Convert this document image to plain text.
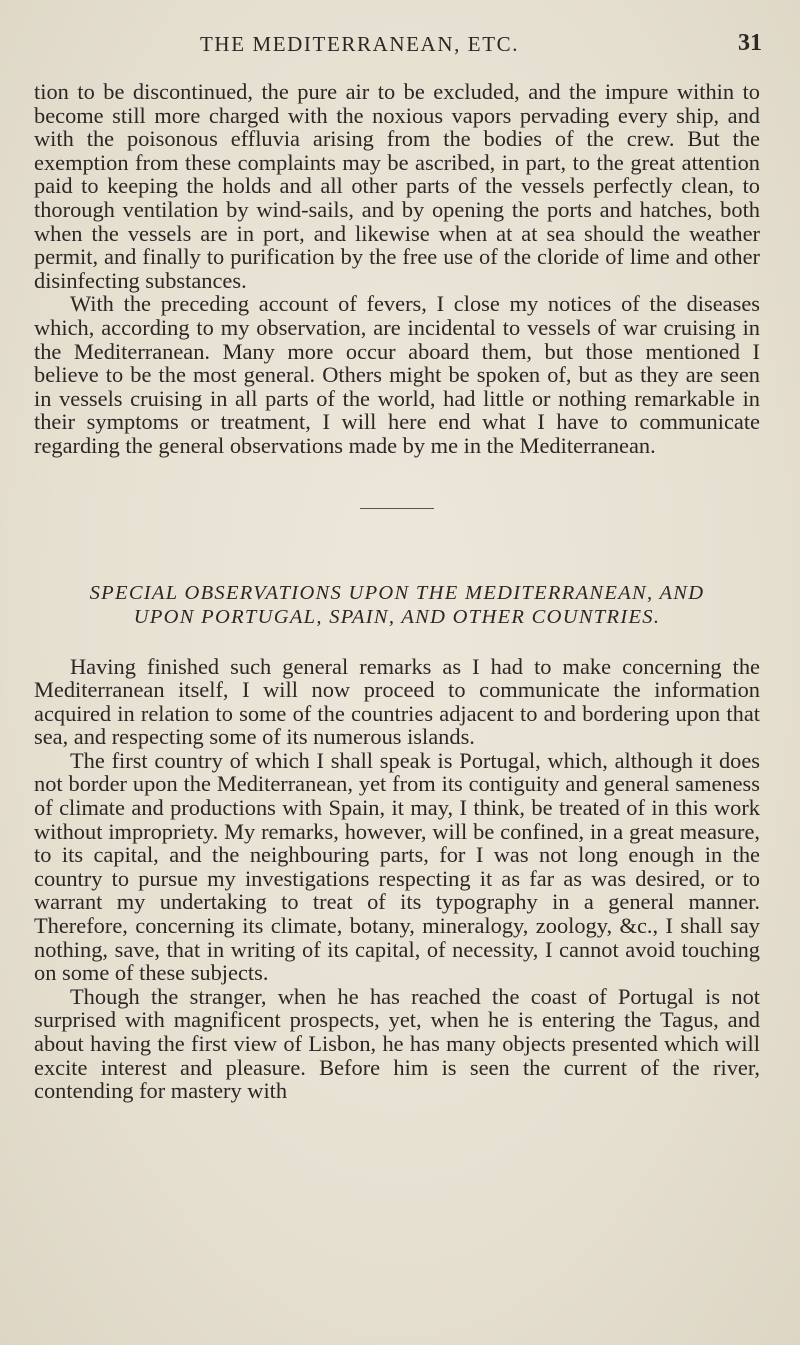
THE MEDITERRANEAN, ETC.	31

tion to be discontinued, the pure air to be excluded, and the impure within to become still more charged with the noxious vapors pervading every ship, and with the poisonous effluvia arising from the bodies of the crew. But the exemption from these complaints may be ascribed, in part, to the great attention paid to keeping the holds and all other parts of the vessels perfectly clean, to thorough ventilation by wind-sails, and by opening the ports and hatches, both when the vessels are in port, and likewise when at at sea should the weather permit, and finally to purification by the free use of the cloride of lime and other disinfecting substances.

With the preceding account of fevers, I close my notices of the diseases which, according to my observation, are incidental to vessels of war cruising in the Mediterranean. Many more occur aboard them, but those mentioned I believe to be the most general. Others might be spoken of, but as they are seen in vessels cruising in all parts of the world, had little or nothing remarkable in their symptoms or treatment, I will here end what I have to communicate regarding the general observations made by me in the Mediterranean.

SPECIAL OBSERVATIONS UPON THE MEDITERRANEAN, AND
UPON PORTUGAL, SPAIN, AND OTHER COUNTRIES.

Having finished such general remarks as I had to make concerning the Mediterranean itself, I will now proceed to communicate the information acquired in relation to some of the countries adjacent to and bordering upon that sea, and respecting some of its numerous islands.

The first country of which I shall speak is Portugal, which, although it does not border upon the Mediterranean, yet from its contiguity and general sameness of climate and productions with Spain, it may, I think, be treated of in this work without impropriety. My remarks, however, will be confined, in a great measure, to its capital, and the neighbouring parts, for I was not long enough in the country to pursue my investigations respecting it as far as was desired, or to warrant my undertaking to treat of its typography in a general manner. Therefore, concerning its climate, botany, mineralogy, zoology, &c., I shall say nothing, save, that in writing of its capital, of necessity, I cannot avoid touching on some of these subjects.

Though the stranger, when he has reached the coast of Portugal is not surprised with magnificent prospects, yet, when he is entering the Tagus, and about having the first view of Lisbon, he has many objects presented which will excite interest and pleasure. Before him is seen the current of the river, contending for mastery with
